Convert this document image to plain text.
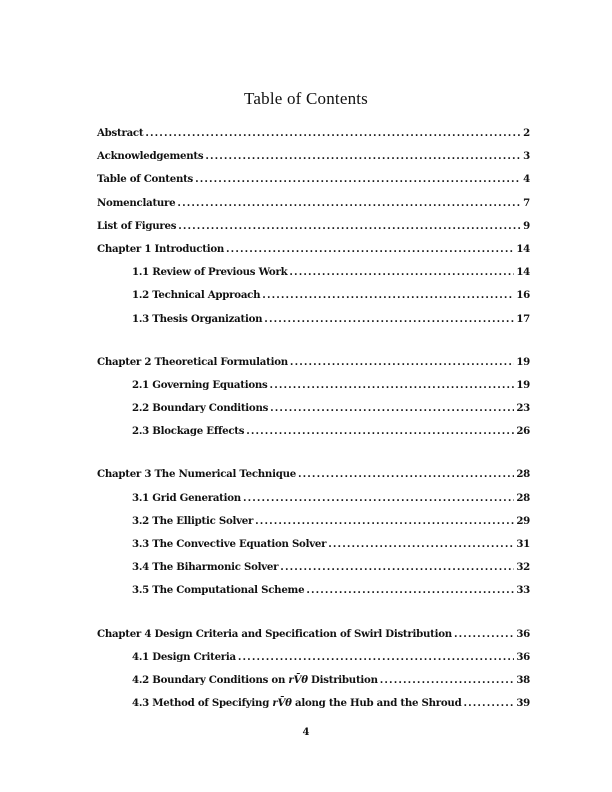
Table of Contents
Abstract .....	2
Acknowledgements .....	3
Table of Contents .....	4
Nomenclature .....	7
List of Figures .....	9
Chapter 1 Introduction .....	14
1.1 Review of Previous Work .....	14
1.2 Technical Approach .....	16
1.3 Thesis Organization .....	17
Chapter 2 Theoretical Formulation .....	19
2.1 Governing Equations .....	19
2.2 Boundary Conditions .....	23
2.3 Blockage Effects .....	26
Chapter 3 The Numerical Technique .....	28
3.1 Grid Generation .....	28
3.2 The Elliptic Solver .....	29
3.3 The Convective Equation Solver .....	31
3.4 The Biharmonic Solver .....	32
3.5 The Computational Scheme .....	33
Chapter 4 Design Criteria and Specification of Swirl Distribution .....	36
4.1 Design Criteria .....	36
4.2 Boundary Conditions on rV̄θ Distribution .....	38
4.3 Method of Specifying rV̄θ along the Hub and the Shroud .....	39
4
